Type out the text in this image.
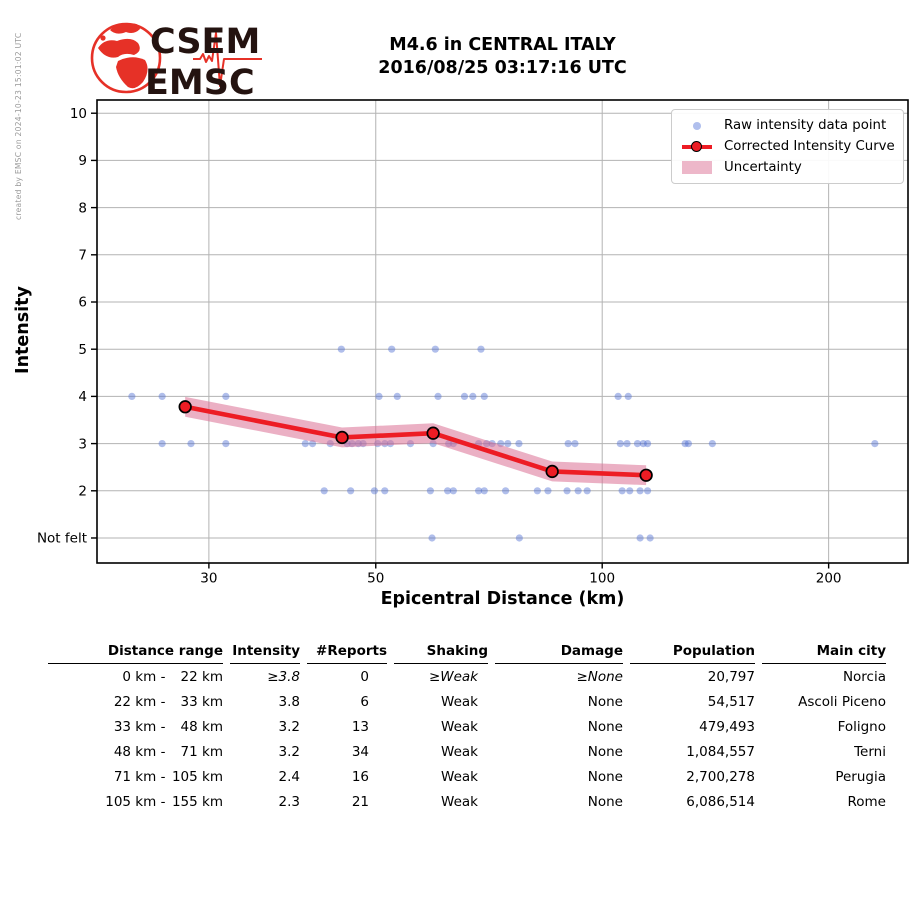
created by EMSC on 2024-10-23 15:01:02 UTC	CSEM
EMSC
M4.6 in CENTRAL ITALY
2016/08/25 03:17:16 UTC
30	50	100	200
Not felt
2
3
4
5
6
7
8
9
10
Intensity
Epicentral Distance (km)
Raw intensity data point
Corrected Intensity Curve
Uncertainty
Distance range	Intensity	#Reports	Shaking	Damage	Population	Main city
0 km - 22 km	≥3.8	0	≥Weak	≥None	20,797	Norcia
22 km - 33 km	3.8	6	Weak	None	54,517	Ascoli Piceno
33 km - 48 km	3.2	13	Weak	None	479,493	Foligno
48 km - 71 km	3.2	34	Weak	None	1,084,557	Terni
71 km - 105 km	2.4	16	Weak	None	2,700,278	Perugia
105 km - 155 km	2.3	21	Weak	None	6,086,514	Rome
